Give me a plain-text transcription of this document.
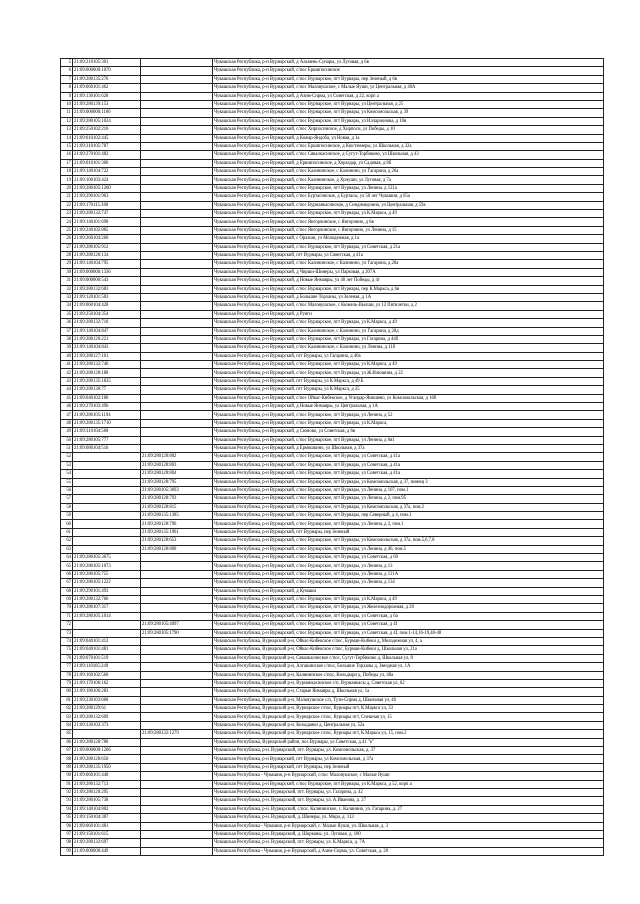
5	21:09:210105:301		Чувашская Республика, р-н Вурнарский, д Альмень-Сунары, ул Луговая, д 6в
6	21:09:000000:1070		Чувашская Республика, р-н Вурнарский, с/пос Ершипосинское
7	21:09:280135:276		Чувашская Республика, р-н Вурнарский, с/пос Вурнарское, пгт Вурнары, пер Зеленый, д 6в
8	21:09:060101:462		Чувашская Республика, р-н Вурнарский, с/пос Малояушское, с Малые Яуши, ул Центральная, д 40А
9	21:09:130101:628		Чувашская Республика, р-н Вурнарский, д Азим-Сирма, ул Советская, д 22, корп а
10	21:09:280139:153		Чувашская Республика, р-н Вурнарский, с/пос Вурнарское, пгт Вурнары, ул Центральная, д 25
11	21:09:000000:1106		Чувашская Республика, р-н Вурнарский, с/пос Вурнарское, пгт Вурнары, ул Комсомольская, д 39
12	21:09:280105:1024		Чувашская Республика, р-н Вурнарский, с/пос Вурнарское, пгт Вурнары, ул Илларионова, д 10в
13	21:09:250102:216		Чувашская Республика, р-н Вурнарский, с/пос Хирпосинское, д Хирпоси, ул Победы, д 10
14	21:09:010102:445		Чувашская Республика, р-н Вурнарский, д Кожар-Яндоба, ул Новая, д 1а
15	21:09:310105:787		Чувашская Республика, р-н Вурнарский, с/пос Ершипосинское, д Кюстюмеры, ул Школьная, д 32а
16	21:09:270101:482		Чувашская Республика, р-н Вурнарский, с/пос Сявалкасинское, д Сугут-Торбиково, ул Школьная, д 43
17	21:09:010101:300		Чувашская Республика, р-н Вурнарский, д Ершипосинское, д Хораздар, ул Садовая, д 8б
18	21:09:140104:722		Чувашская Республика, р-н Вурнарский, с/пос Калининское, с Калинино, ул Гагарина, д 26а
19	21:09:100103:424		Чувашская Республика, р-н Вурнарский, с/пос Калининское, д Хумуши, ул Луговая, д 7а
20	21:09:280105:1260		Чувашская Республика, р-н Вурнарский, с/пос Вурнарское, пгт Вурнары, ул Ленина, д 121а
21	21:09:290101:963		Чувашская Республика, р-н Вурнарский, с/пос Буртасинское, д Буртасы, ул 50 лет Чувашии, д 65а
22	21:09:170115:180		Чувашская Республика, р-н Вурнарский, с/пос Вурманкасинское, д Синдимирзино, ул Центральная, д 59а
23	21:09:280132:747		Чувашская Республика, р-н Вурнарский, с/пос Вурнарское, пгт Вурнары, ул К.Маркса, д 49
24	21:09:140101:698		Чувашская Республика, р-н Вурнарский, с/пос Янгорчинское, с Янгорчино, д 6в
25	21:09:240102:885		Чувашская Республика, р-н Вурнарский, с/пос Янгорчинское, с Янгорчино, ул Ленина, д 15
26	21:09:260104:260		Чувашская Республика, р-н Вурнарский, с Оразши, ул Молодежная, д 1а
27	21:09:280105:912		Чувашская Республика, р-н Вурнарский, с/пос Вурнарское, пгт Вурнары, ул Советская, д 21а
28	21:09:280126:134		Чувашская Республика, р-н Вурнарский, пгт Вурнары, ул Советская, д 41а
29	21:09:140104:795		Чувашская Республика, р-н Вурнарский, с/пос Калининское, с Калинино, ул Гагарина, д 28а
30	21:09:000000:1336		Чувашская Республика, р-н Вурнарский, д Чирши-Шинеры, ул Парковая, д 207А
31	21:09:000000:543		Чувашская Республика, р-н Вурнарский, д Новые Янмаяры, ул 40 лет Победы, д 4г
32	21:09:280132:683		Чувашская Республика, р-н Вурнарский, с/пос Вурнарское, пгт Вурнары, пер К.Маркса, д 6в
33	21:09:120101:503		Чувашская Республика, р-н Вурнарский, д Большие Торханы, ул Зеленая, д 1А
34	21:09:060104:428		Чувашская Республика, р-н Вурнарский, с/пос Малояушское, с Кюмель-Вылши, ул 12 Пятилетки, д 2
35	21:09:250104:354		Чувашская Республика, р-н Вурнарский, д Рунги
36	21:09:280132:710		Чувашская Республика, р-н Вурнарский, с/пос Вурнарское, пгт Вурнары, ул К.Маркса, д 49
37	21:09:140104:847		Чувашская Республика, р-н Вурнарский, с/пос Калининское, с Калинино, ул Гагарина, д 28д
38	21:09:280120:221		Чувашская Республика, р-н Вурнарский, с/пос Вурнарское, пгт Вурнары, ул Гагарина, д 44б
39	21:09:140104:843		Чувашская Республика, р-н Вурнарский, с/пос Калининское, с Калинино, ул Ленина, д 11б
40	21:09:280127:101		Чувашская Республика, р-н Вурнарский, пгт Вурнары, ул Гагарина, д 40а
41	21:09:280132:746		Чувашская Республика, р-н Вурнарский, с/пос Вурнарское, пгт Вурнары, ул К.Маркса, д 49
42	21:09:280128:188		Чувашская Республика, р-н Вурнарский, с/пос Вурнарское, пгт Вурнары, ул Ж.Илюшина, д 22
43	21:09:280135:1835		Чувашская Республика, р-н Вурнарский, пгт Вурнары, ул К.Маркса, д 49 Б
44	21:09:280130:77		Чувашская Республика, р-н Вурнарский, пгт Вурнары, ул К.Маркса, д 25
45	21:09:040102:180		Чувашская Республика, р-н Вурнарский, с/пос Ойкас-Кибекское, д Угандар-Янишево, ул Комсомольская, д 16б
46	21:09:270103:496		Чувашская Республика, р-н Вурнарский, д Новые Янмаяры, ул Центральная, д 1А
47	21:09:280105:1194		Чувашская Республика, р-н Вурнарский, с/пос Вурнарское, пгт Вурнары, ул Ленина, д 52
48	21:09:280135:1710		Чувашская Республика, р-н Вурнарский, с/пос Вурнарское, пгт Вурнары, ул К.Маркса,
49	21:09:310104:568		Чувашская Республика, р-н Вурнарский, д Сюмово, ул Советская, д 6в
50	21:09:280105:777		Чувашская Республика, р-н Вурнарский, с/пос Вурнарское, пгт Вурнары, ул Ленина, д 6в1
51	21:09:080104:516		Чувашская Республика, р-н Вурнарский, д Ермошкино, ул Школьная, д 37а
52		21:09:280128:802	Чувашская Республика, р-н Вурнарский, с/пос Вурнарское, пгт Вурнары, ул Советская, д 41а
53		21:09:280128:803	Чувашская Республика, р-н Вурнарский, с/пос Вурнарское, пгт Вурнары, ул Советская, д 41а
54		21:09:280128:804	Чувашская Республика, р-н Вурнарский, с/пос Вурнарское, пгт Вурнары, ул Советская, д 41а
55		21:09:280128:795	Чувашская Республика, р-н Вурнарский, с/пос Вурнарское, пгт Вурнары, ул Комсомольская, д 37, помещ 3
56		21:09:280105:3693	Чувашская Республика, р-н Вурнарский, с/пос Вурнарское, пгт Вурнары, ул Ленина, д 107, пом.1
57		21:09:280128:793	Чувашская Республика, р-н Вурнарский, с/пос Вурнарское, пгт Вурнары, ул Ленина, д 2, пом.95
58		21:09:280128:815	Чувашская Республика, р-н Вурнарский, с/пос Вурнарское, пгт Вурнары, ул Комсомольская, д 37а, пом.2
59		21:09:280135:1385	Чувашская Республика, р-н Вурнарский, с/пос Вурнарское, пгт Вурнары, пер Северный, д 4, пом.1
60		21:09:280128:796	Чувашская Республика, р-н Вурнарский, с/пос Вурнарское, пгт Вурнары, ул Ленина, д 2, пом.1
61		21:09:280135:1961	Чувашская Республика, р-н Вурнарский, пгт Вурнары, пер Зеленый
62		21:09:280128:653	Чувашская Республика, р-н Вурнарский, с/пос Вурнарское, пгт Вурнары, ул Комсомольская, д 37а, пом.5,6,7,8
63		21:09:280128:800	Чувашская Республика, р-н Вурнарский, с/пос Вурнарское, пгт Вурнары, ул Ленина, д 46, пом.5
64	21:09:280105:3675		Чувашская Республика, р-н Вурнарский, с/пос Вурнарское, пгт Вурнары, ул Советская, д 60
65	21:09:280105:1073		Чувашская Республика, р-н Вурнарский, с/пос Вурнарское, пгт Вурнары, ул Ленина, д 13
66	21:09:280105:755		Чувашская Республика, р-н Вурнарский, с/пос Вурнарское, пгт Вурнары, ул Ленина, д 121А
67	21:09:280105:1222		Чувашская Республика, р-н Вурнарский, с/пос Вурнарское, пгт Вурнары, ул Ленина, д 134
68	21:09:290101:493		Чувашская Республика, р-н Вурнарский, д Кумаши
69	21:09:280132:766		Чувашская Республика, р-н Вурнарский, с/пос Вурнарское, пгт Вурнары, ул К.Маркса, д 49
70	21:09:280107:317		Чувашская Республика, р-н Вурнарский, с/пос Вурнарское, пгт Вурнары, ул Железнодорожная, д 20
71	21:09:280105:1014		Чувашская Республика, р-н Вурнарский, с/пос Вурнарское, пгт Вурнары, ул Советская, д 6а
72		21:09:280105:4097	Чувашская Республика, р-н Вурнарский, с/пос Вурнарское, пгт Вурнары, ул Советская, д 4I
73		21:09:280105:1790	Чувашская Республика, р-н Вурнарский, с/пос Вурнарское, пгт Вурнары, ул Советская, д 4I, пом.1-14,16-19,40-48
74	21:09:040101:412		Чувашская Республика, Вурнарский р-н, Ойкас-Кибекское с/пос, Бурман-Кибеки д, Молодежная ул, 4, а
75	21:09:040101:481		Чувашская Республика, Вурнарский р-н, Ойкас-Кибекское с/пос, Бурман-Кибеки д, Школьная ул, 21а
76	21:09:070101:519		Чувашская Республика, Вурнарский р-н, Сявалкасинское с/пос, Сугут-Торбиково д, Школьная ул, 8
77	21:09:110105:249		Чувашская Республика, Вурнарский р-н, Алгашинское с/пос, Большие Торханы д, Звездная ул, 1А
78	21:09:160102:560		Чувашская Республика, Вурнарский р-н, Калининское с/пос, Кильдыри д, Победы ул, 48а
79	21:09:170106:162		Чувашская Республика, Вурнарский р-н, Вурманкасинское с/п, Вурманкасы д, Советская ул, 62
80	21:09:180106:283		Чувашская Республика, Вурнарский р-н, Старые Янмаяры д, Школьная ул, 1а
81	21:09:230103:668		Чувашская Республика, Вурнарский р-н, Малояушское с/п, Тузи-Сирма д, Школьная ул, 46
82	21:09:280129:61		Чувашская Республика, Вурнарский р-н, Вурнарское с/пос, Вурнары пгт, К.Маркса ул, 33
83	21:09:280132:609		Чувашская Республика, Вурнарский р-н, Вурнарское с/пос, Вурнары пгт, Спешная ул, 15
84	21:09:330103:373		Чувашская Республика, Вурнарский р-н, Козыдаяки д, Центральная ул, 52а
85		21:09:280132:1279	Чувашская Республика, Вурнарский р-н, Вурнарское с/пос, Вурнары пгт, К.Маркса ул, 15, пом.2
86	21:09:280128:788		Чувашская Республика, Вурнарский район, пос.Вурнары, ул.Советская, д.41 "к"
87	21:09:000000:1266		Чувашская Республика, р-н. Вурнарский, пгт. Вурнары, ул. Комсомольская, д. 37
88	21:09:280128:650		Чувашская Республика, р-н Вурнарский, пгт Вурнары, ул Комсомольская, д 37а
89	21:09:280135:1950		Чувашская Республика, р-н Вурнарский, пгт Вурнары, пер Зеленый
90	21:09:060101:448		Чувашская Республика - Чувашия, р-н Вурнарский, с/пос Малояушское, с Малые Яуши
91	21:09:280132:713		Чувашская Республика, р-н Вурнарский, с/пос Вурнарское, пгт Вурнары, ул К.Маркса, д 52, корп а
92	21:09:280120:295		Чувашская Республика, р-н. Вурнарский, пгт. Вурнары, ул. Гагарина, д. 42
93	21:09:280105:738		Чувашская Республика, р-н. Вурнарский, пгт. Вурнары, ул. А.Иванова, д. 27
94	21:09:140104:802		Чувашская Республика, р-н. Вурнарский, с/пос. Калининское, с. Калинино, ул. Гагарина, д. 27
95	21:09:150104:387		Чувашская Республика, р-н. Вурнарский, д. Шинеры, ул. Мира, д. 113
96	21:09:060101:481		Чувашская Республика - Чувашия, р-н Вурнарский, с. Малые Яуши, ул. Школьная, д. 3
97	21:09:150101:615		Чувашская Республика, р-н. Вурнарский, д. Шорканы, ул. Луговая, д. 100
98	21:09:280132:697		Чувашская Республика, р-н. Вурнарский, пгт. Вурнары, ул. К.Маркса, д. 7А
99	21:09:000000:449		Чувашская Республика - Чувашия, р-н Вурнарский, д Азим-Сирма, ул. Советская, д. 20
